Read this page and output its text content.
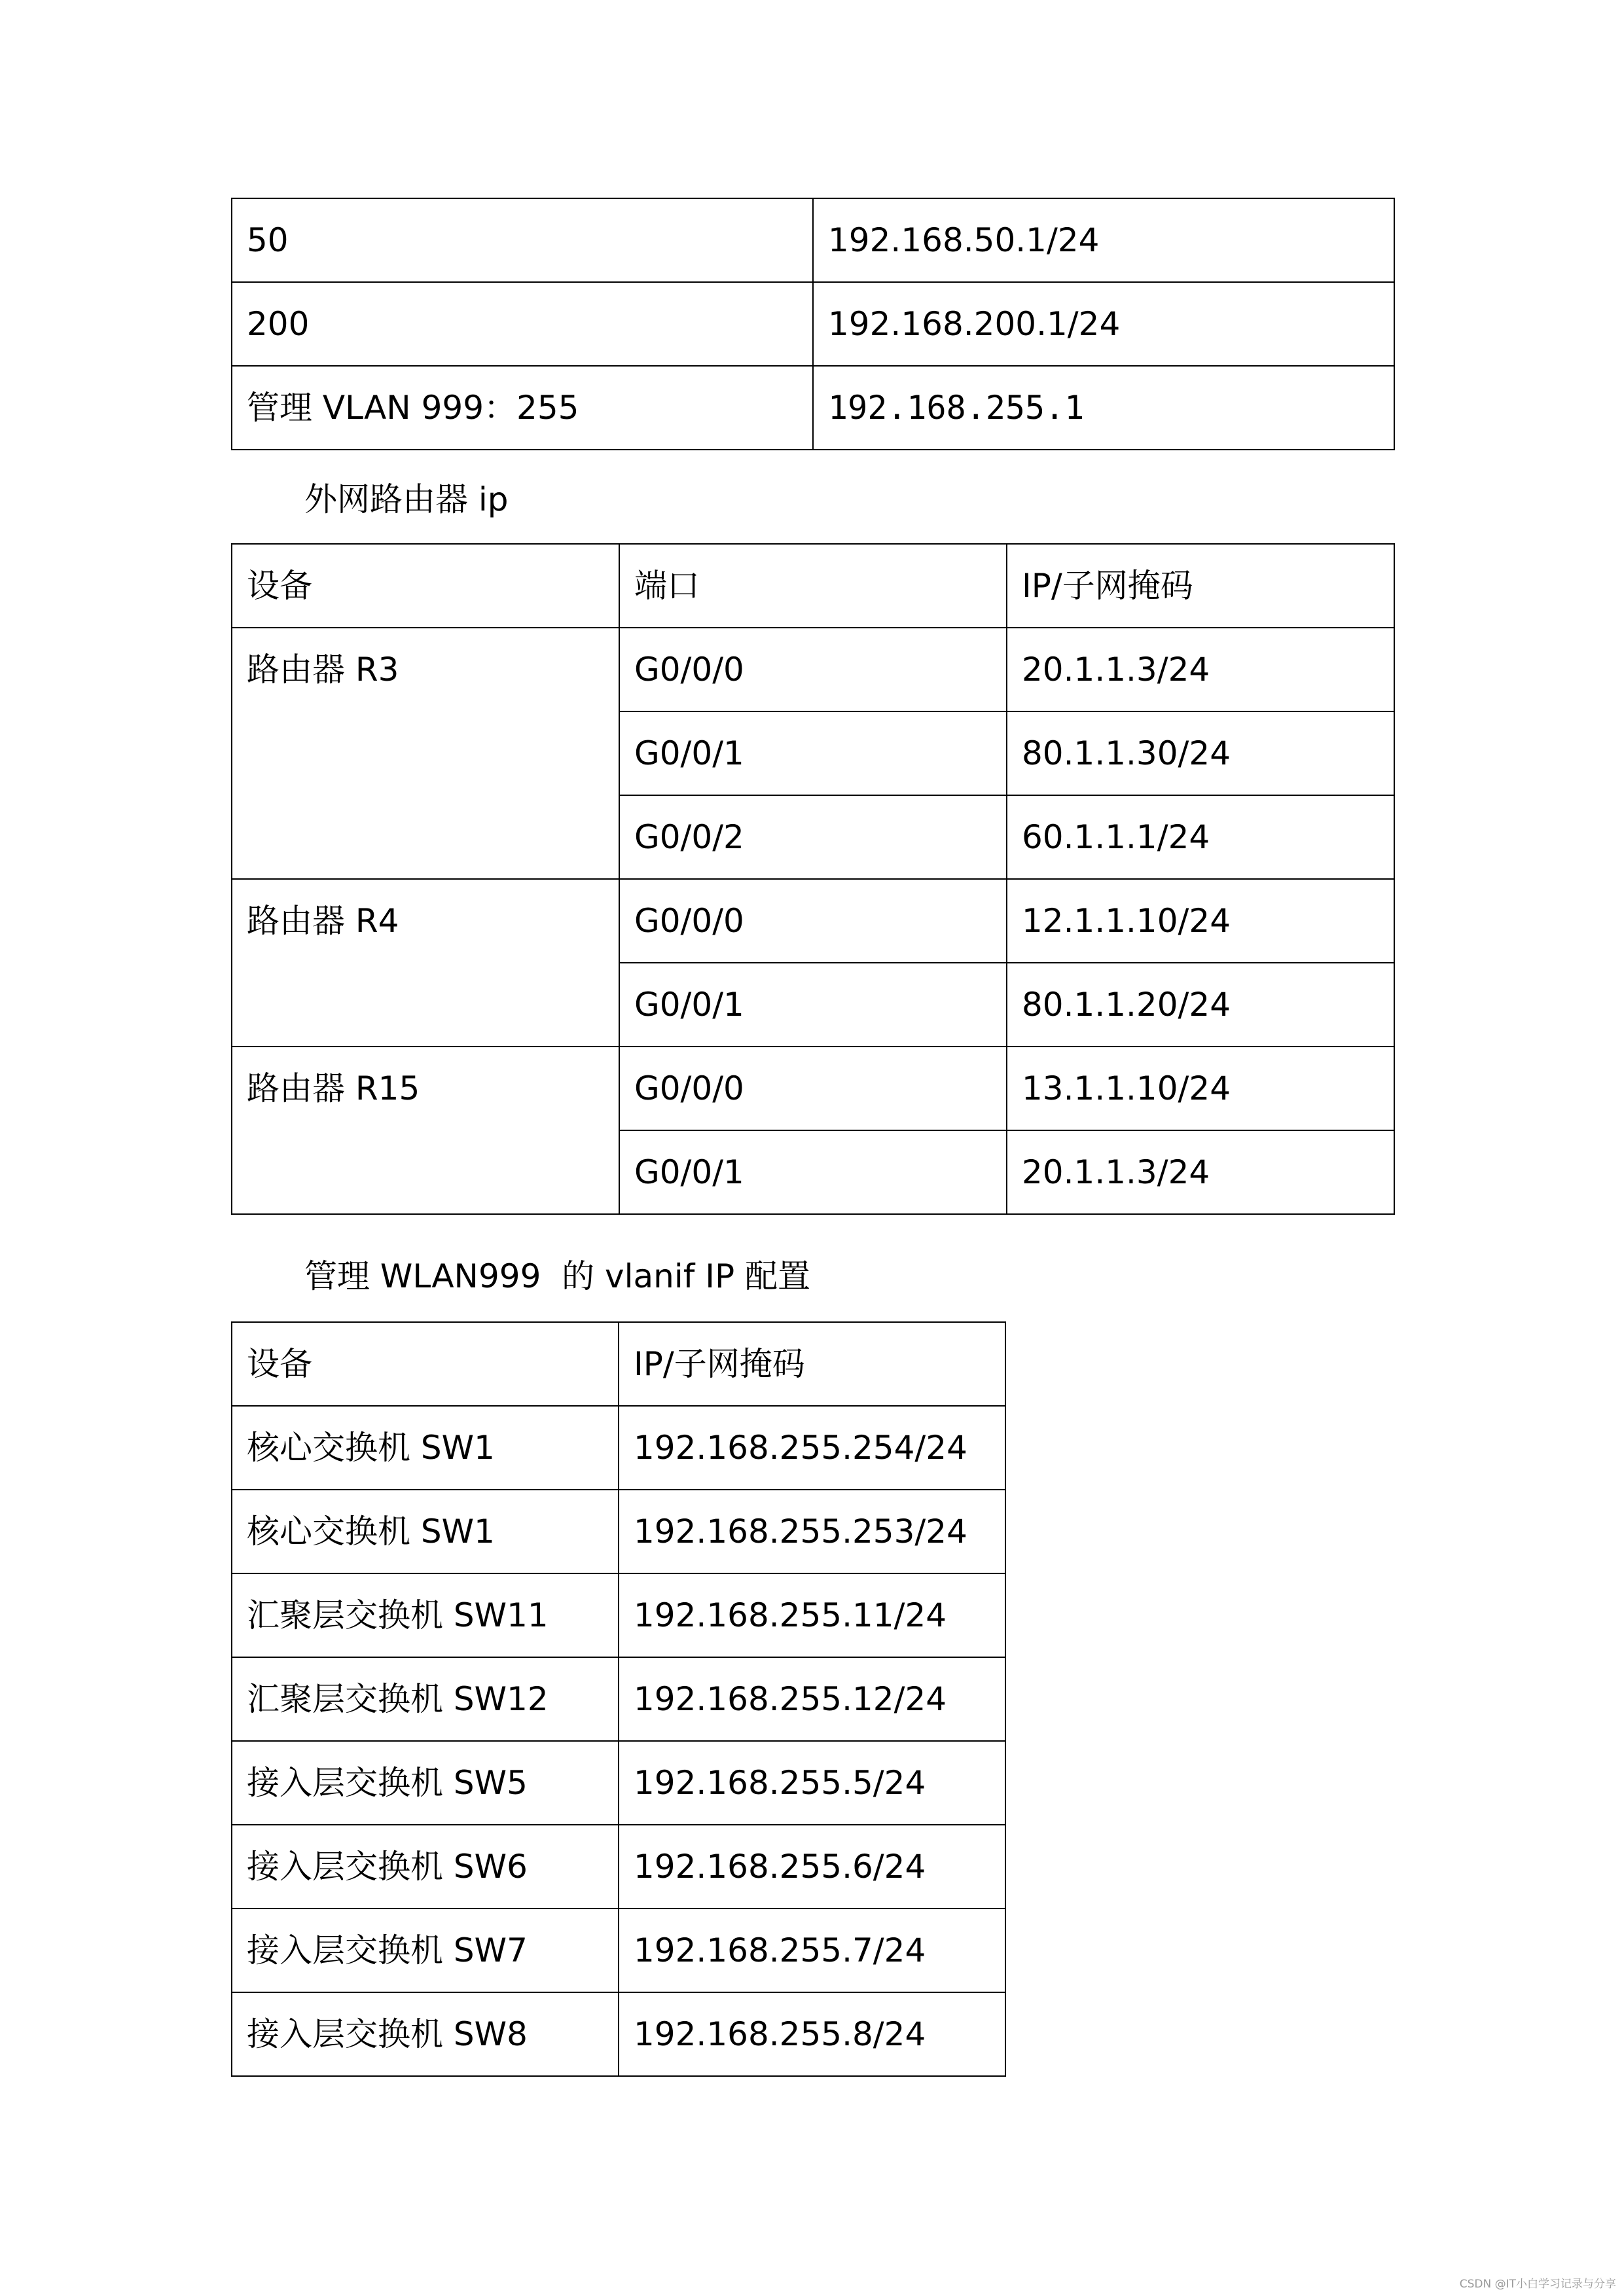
50	192.168.50.1/24
200	192.168.200.1/24
管理 VLAN 999：255	192.168.255.1
外网路由器 ip
设备	端口	IP/子网掩码
路由器 R3	G0/0/0	20.1.1.3/24
	G0/0/1	80.1.1.30/24
	G0/0/2	60.1.1.1/24
路由器 R4	G0/0/0	12.1.1.10/24
	G0/0/1	80.1.1.20/24
路由器 R15	G0/0/0	13.1.1.10/24
	G0/0/1	20.1.1.3/24
管理 WLAN999  的 vlanif IP 配置
设备	IP/子网掩码
核心交换机 SW1	192.168.255.254/24
核心交换机 SW1	192.168.255.253/24
汇聚层交换机 SW11	192.168.255.11/24
汇聚层交换机 SW12	192.168.255.12/24
接入层交换机 SW5	192.168.255.5/24
接入层交换机 SW6	192.168.255.6/24
接入层交换机 SW7	192.168.255.7/24
接入层交换机 SW8	192.168.255.8/24
CSDN @IT小白学习记录与分享
